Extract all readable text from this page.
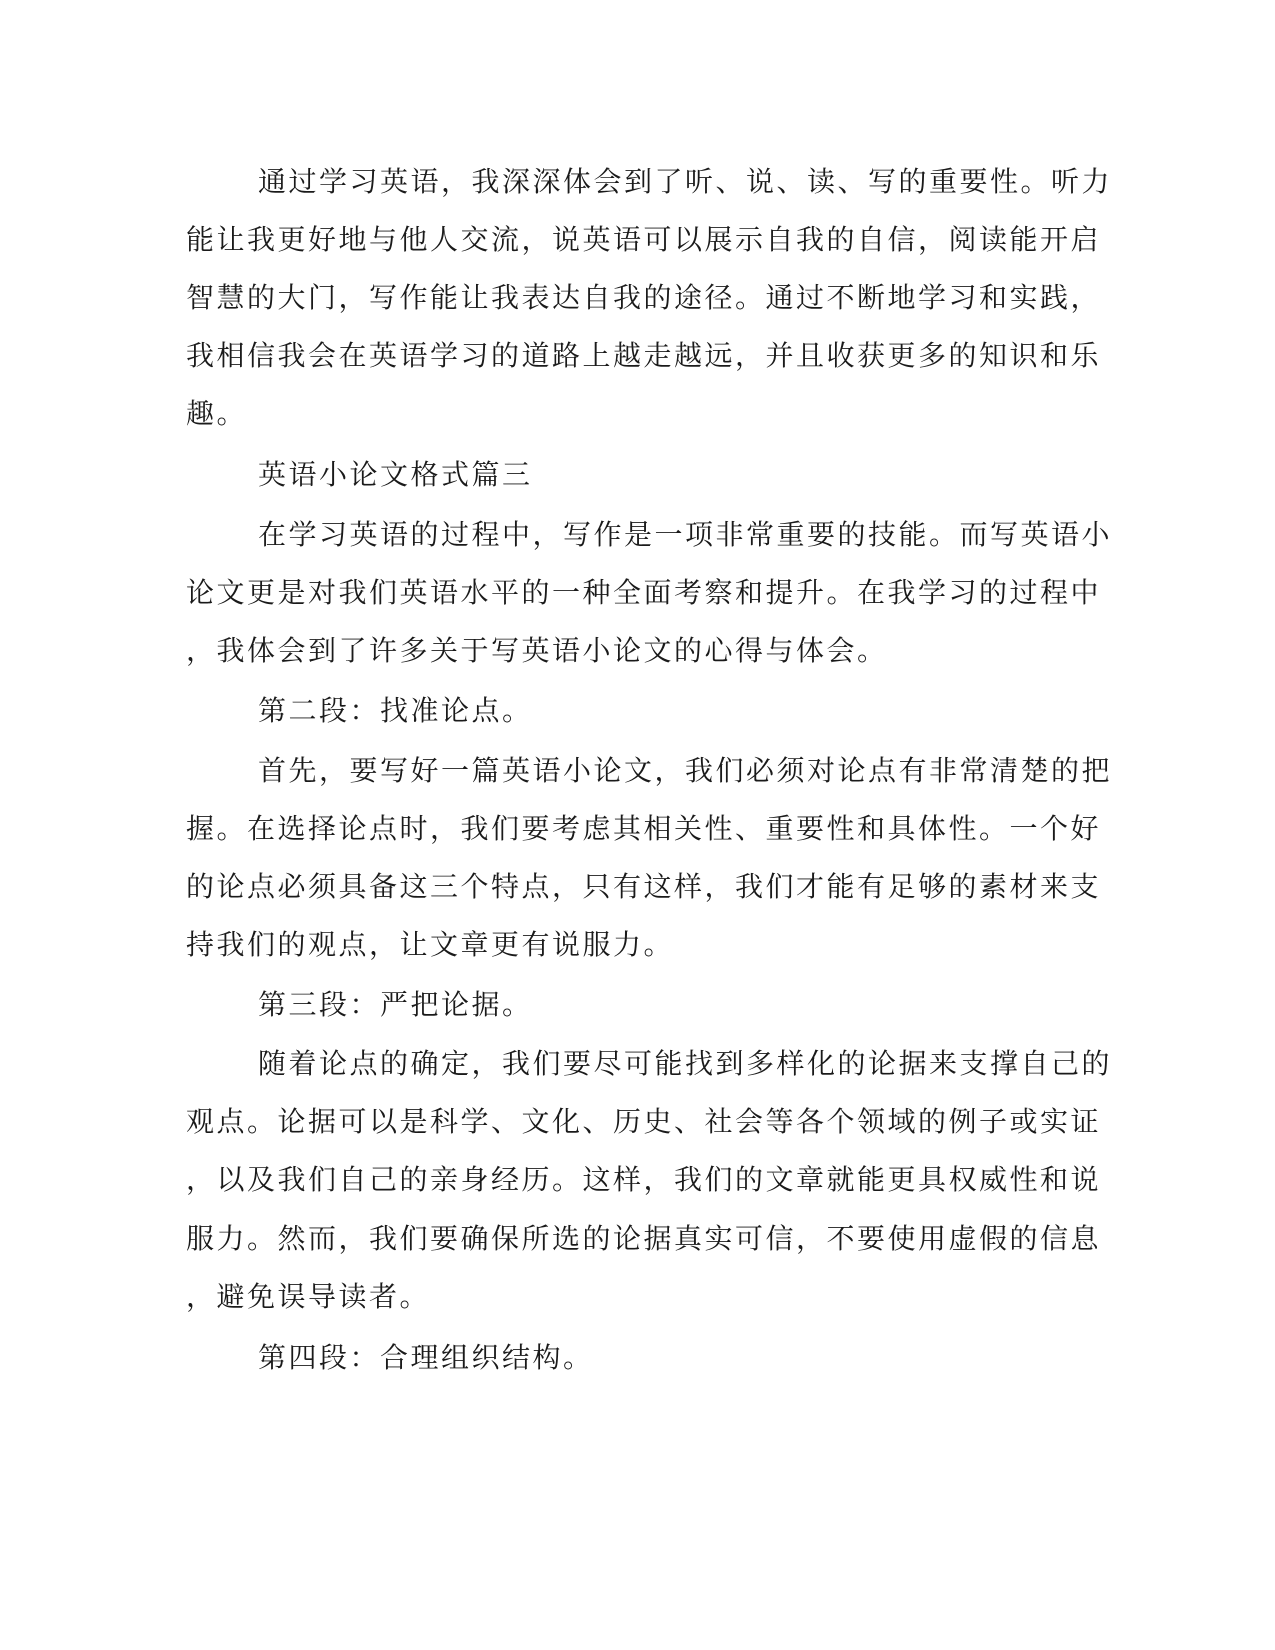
通过学习英语，我深深体会到了听、说、读、写的重要性。听力

能让我更好地与他人交流，说英语可以展示自我的自信，阅读能开启

智慧的大门，写作能让我表达自我的途径。通过不断地学习和实践，

我相信我会在英语学习的道路上越走越远，并且收获更多的知识和乐

趣。

英语小论文格式篇三

在学习英语的过程中，写作是一项非常重要的技能。而写英语小

论文更是对我们英语水平的一种全面考察和提升。在我学习的过程中

，我体会到了许多关于写英语小论文的心得与体会。

第二段：找准论点。

首先，要写好一篇英语小论文，我们必须对论点有非常清楚的把

握。在选择论点时，我们要考虑其相关性、重要性和具体性。一个好

的论点必须具备这三个特点，只有这样，我们才能有足够的素材来支

持我们的观点，让文章更有说服力。

第三段：严把论据。

随着论点的确定，我们要尽可能找到多样化的论据来支撑自己的

观点。论据可以是科学、文化、历史、社会等各个领域的例子或实证

，以及我们自己的亲身经历。这样，我们的文章就能更具权威性和说

服力。然而，我们要确保所选的论据真实可信，不要使用虚假的信息

，避免误导读者。

第四段：合理组织结构。
